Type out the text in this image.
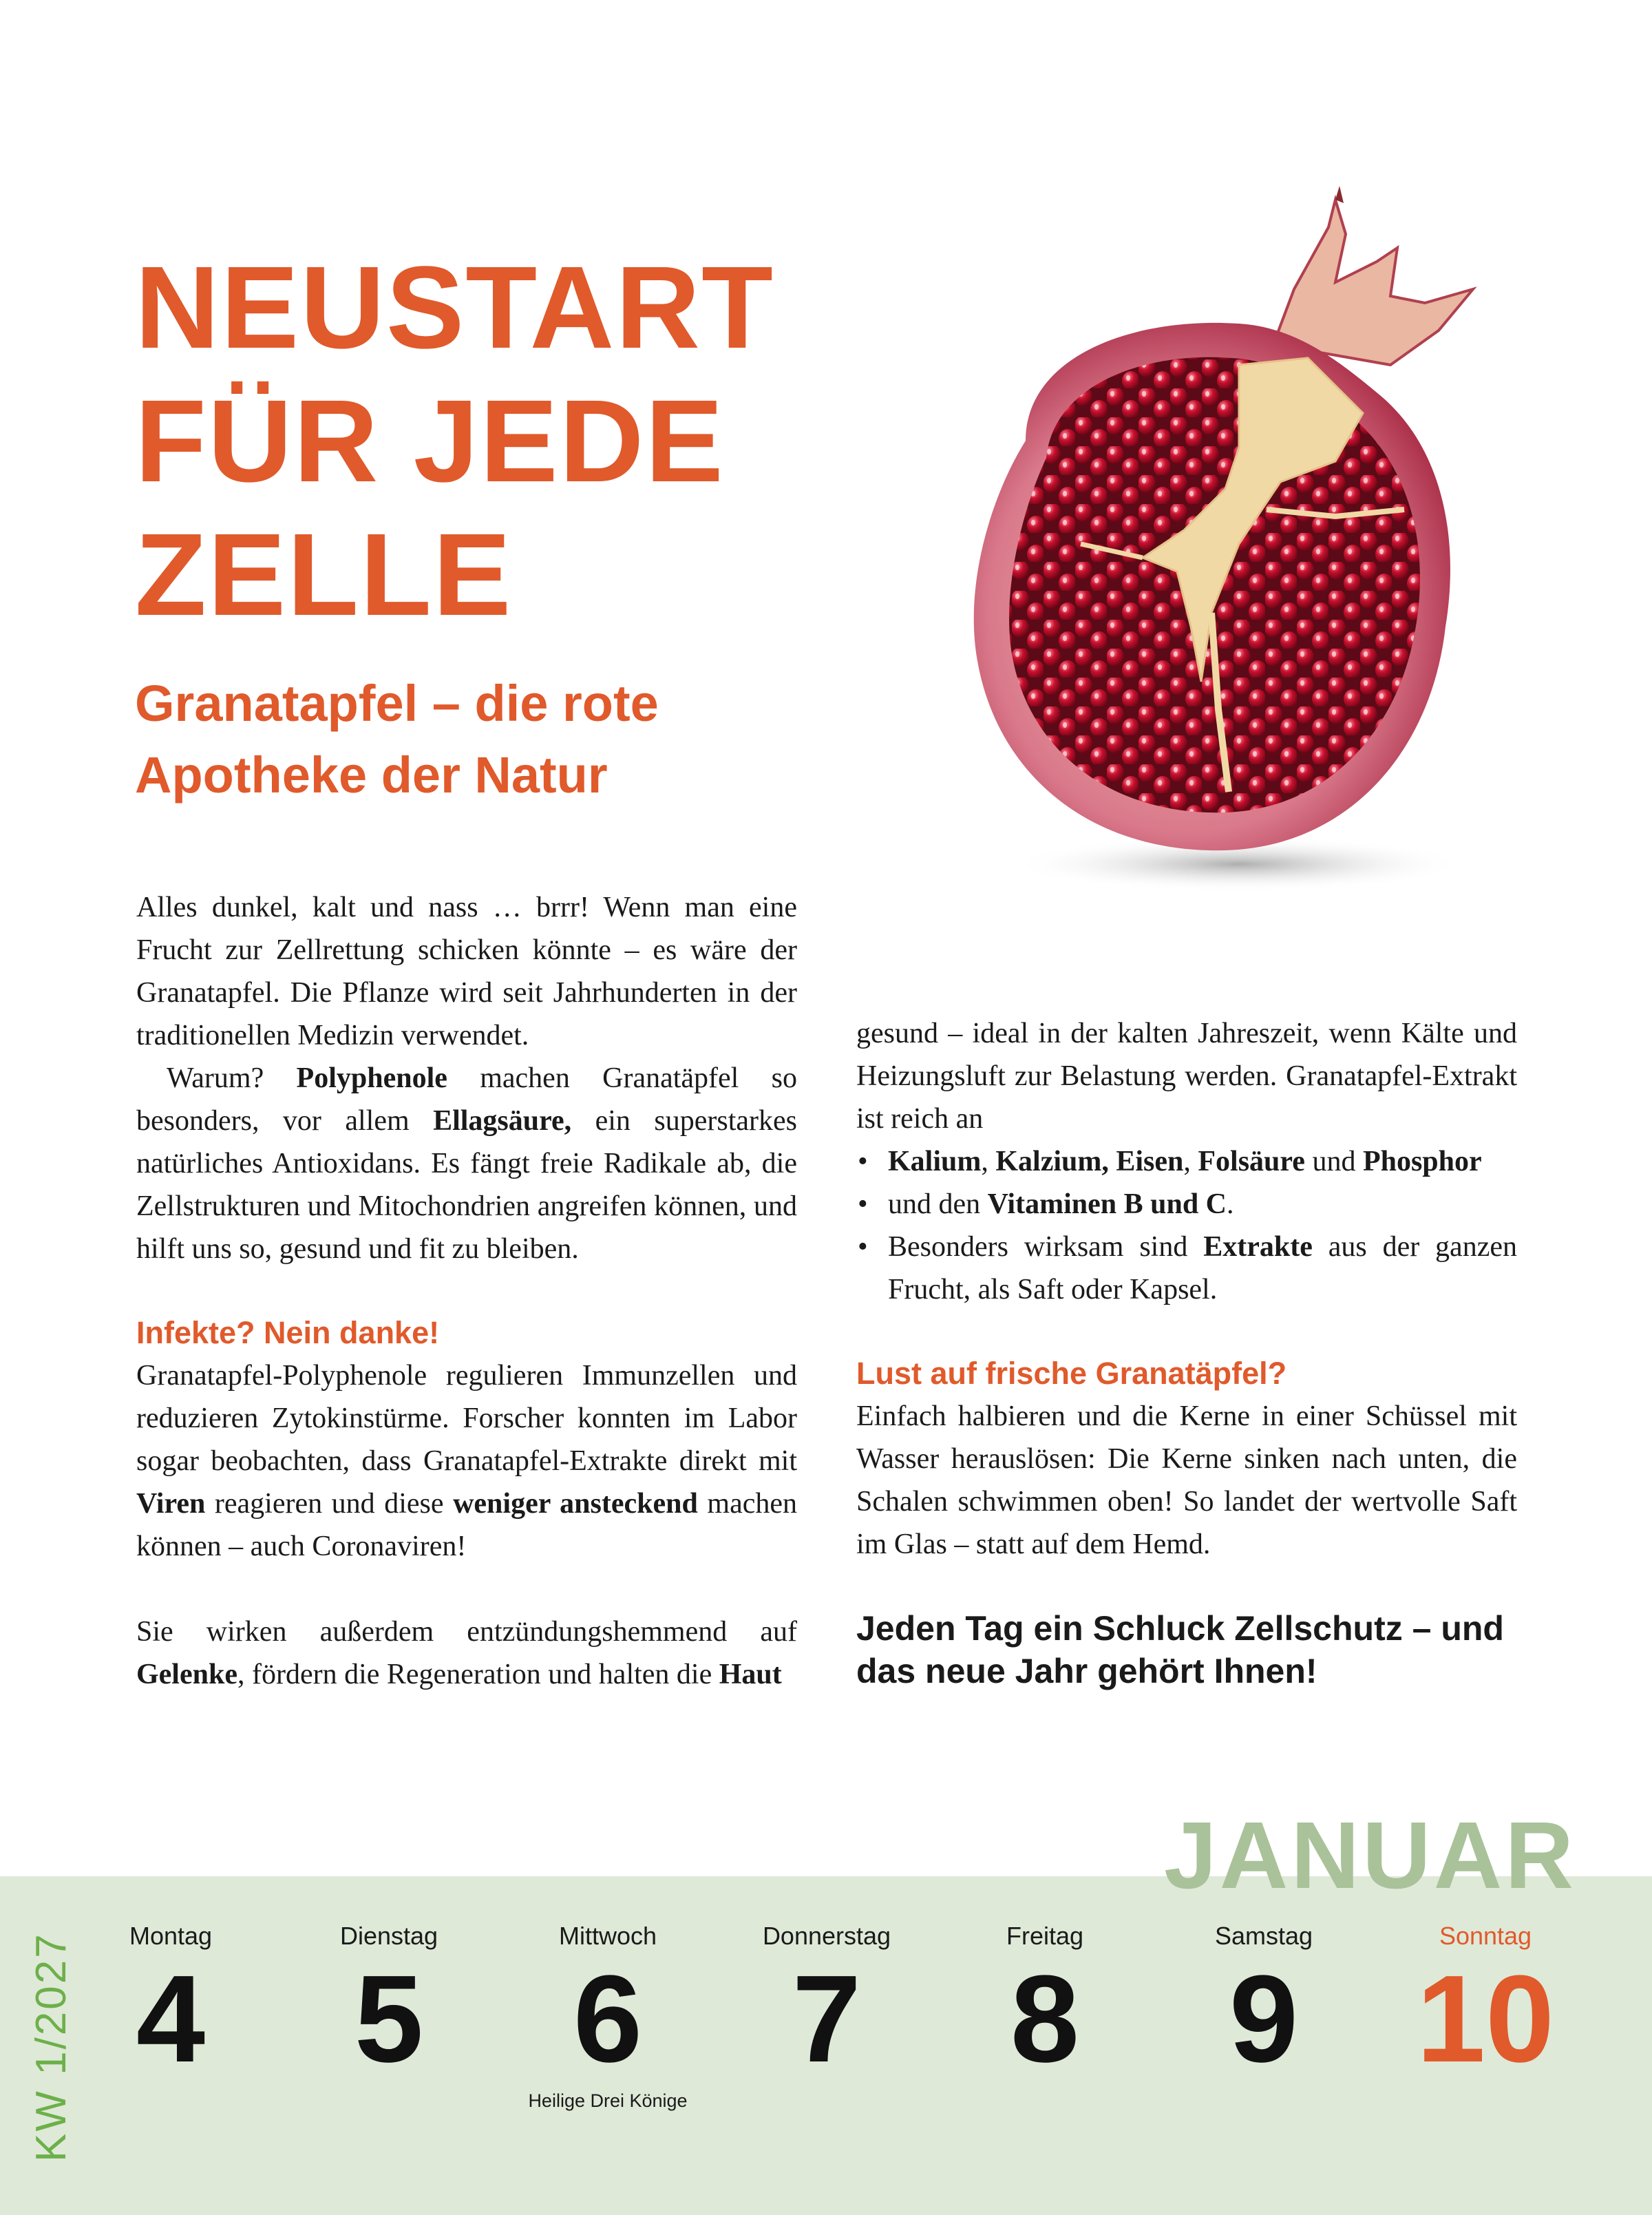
NEUSTART
FÜR JEDE
ZELLE
Granatapfel – die rote
Apotheke der Natur

Alles dunkel, kalt und nass … brrr! Wenn man eine Frucht zur Zellrettung schicken könnte – es wäre der Granatapfel. Die Pflanze wird seit Jahrhunderten in der traditionellen Medizin verwendet.

Warum? Polyphenole machen Granatäpfel so besonders, vor allem Ellagsäure, ein superstarkes natürliches Antioxidans. Es fängt freie Radikale ab, die Zellstrukturen und Mitochondrien angreifen können, und hilft uns so, gesund und fit zu bleiben.

Infekte? Nein danke!

Granatapfel-Polyphenole regulieren Immunzellen und reduzieren Zytokinstürme. Forscher konnten im Labor sogar beobachten, dass Granatapfel-Extrakte direkt mit Viren reagieren und diese weniger ansteckend machen können – auch Coronaviren!

Sie wirken außerdem entzündungshemmend auf Gelenke, fördern die Regeneration und halten die Haut

gesund – ideal in der kalten Jahreszeit, wenn Kälte und Heizungsluft zur Belastung werden. Granatapfel-Extrakt ist reich an

• Kalium, Kalzium, Eisen, Folsäure und Phosphor
• und den Vitaminen B und C.
• Besonders wirksam sind Extrakte aus der ganzen Frucht, als Saft oder Kapsel.
Lust auf frische Granatäpfel?

Einfach halbieren und die Kerne in einer Schüssel mit Wasser herauslösen: Die Kerne sinken nach unten, die Schalen schwimmen oben! So landet der wertvolle Saft im Glas – statt auf dem Hemd.

Jeden Tag ein Schluck Zellschutz – und das neue Jahr gehört Ihnen!

JANUAR
KW 1/2027	Montag
4
Dienstag
5
Mittwoch
6
Donnerstag
7
Freitag
8
Samstag
9
Sonntag
10
Heilige Drei Könige
